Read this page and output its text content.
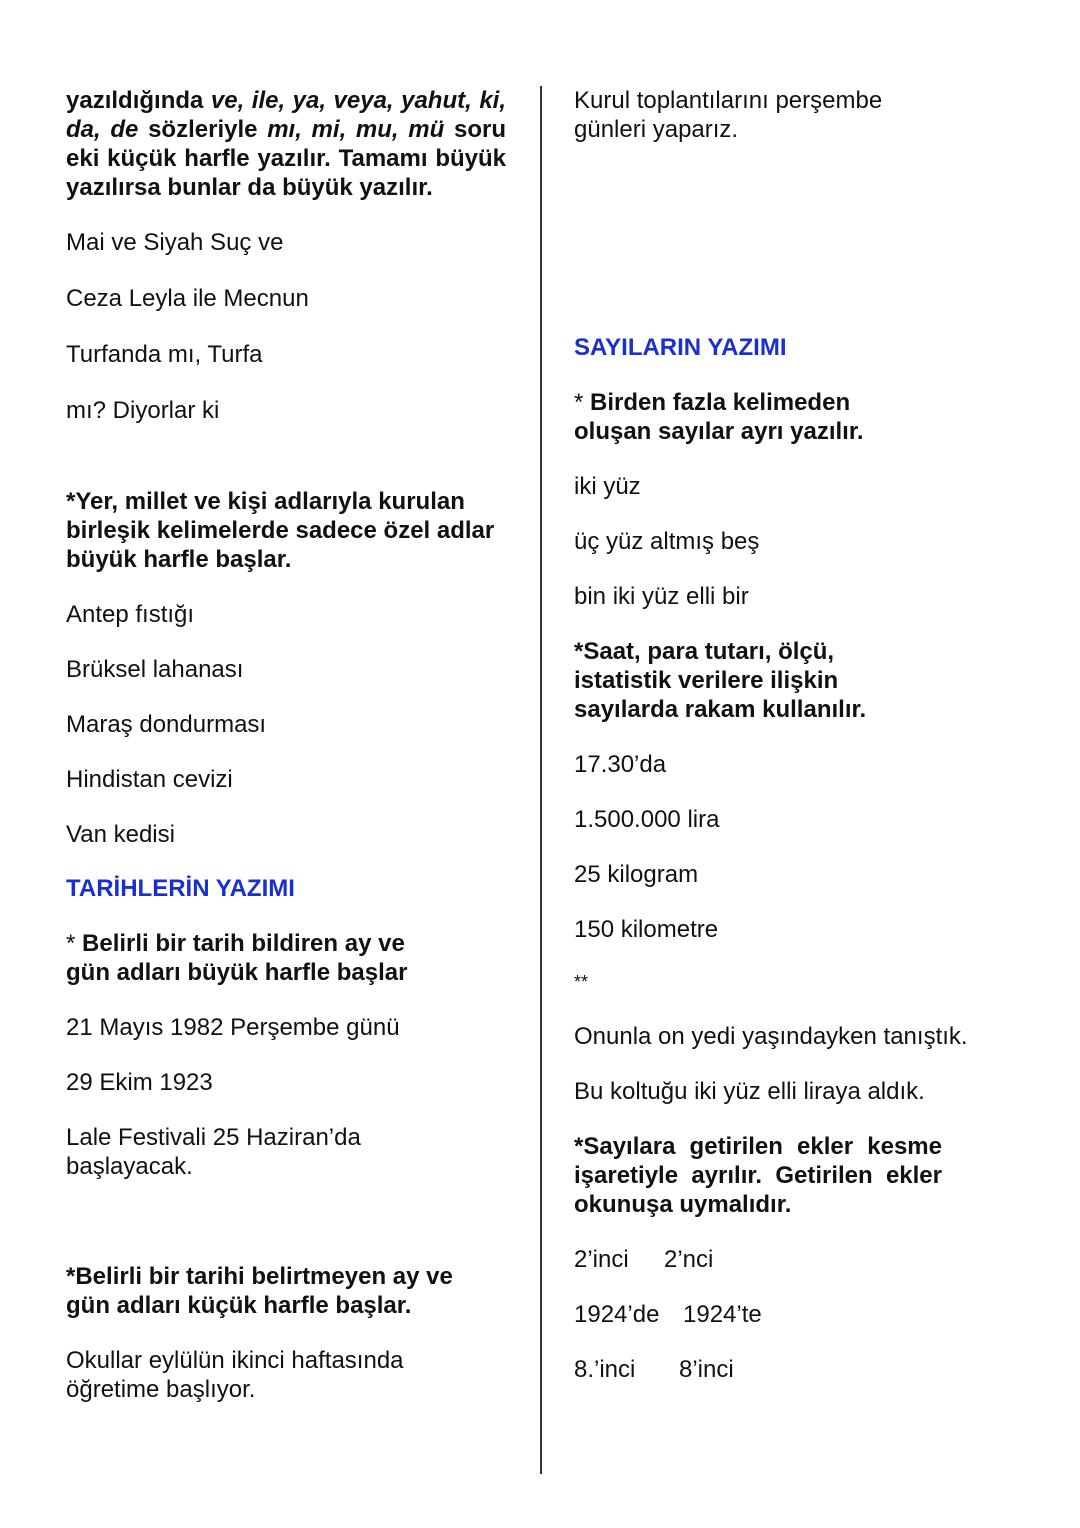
yazıldığında ve, ile, ya, veya, yahut, ki, da, de sözleriyle mı, mi, mu, mü soru eki küçük harfle yazılır. Tamamı büyük yazılırsa bunlar da büyük yazılır.

Mai ve Siyah Suç ve

Ceza Leyla ile Mecnun

Turfanda mı, Turfa

mı? Diyorlar ki

*Yer, millet ve kişi adlarıyla kurulan birleşik kelimelerde sadece özel adlar büyük harfle başlar.

Antep fıstığı

Brüksel lahanası

Maraş dondurması

Hindistan cevizi

Van kedisi

TARİHLERİN YAZIMI

* Belirli bir tarih bildiren ay ve gün adları büyük harfle başlar

21 Mayıs 1982 Perşembe günü

29 Ekim 1923

Lale Festivali 25 Haziran’da başlayacak.

*Belirli bir tarihi belirtmeyen ay ve gün adları küçük harfle başlar.

Okullar eylülün ikinci haftasında öğretime başlıyor.

Kurul toplantılarını perşembe günleri yaparız.

SAYILARIN YAZIMI

* Birden fazla kelimeden oluşan sayılar ayrı yazılır.

iki yüz

üç yüz altmış beş

bin iki yüz elli bir

*Saat, para tutarı, ölçü, istatistik verilere ilişkin sayılarda rakam kullanılır.

17.30’da

1.500.000 lira

25 kilogram

150 kilometre

**

Onunla on yedi yaşındayken tanıştık.

Bu koltuğu iki yüz elli liraya aldık.

*Sayılara getirilen ekler kesme işaretiyle ayrılır. Getirilen ekler okunuşa uymalıdır.

2’inci 2’nci

1924’de 1924’te

8.’inci 8’inci
